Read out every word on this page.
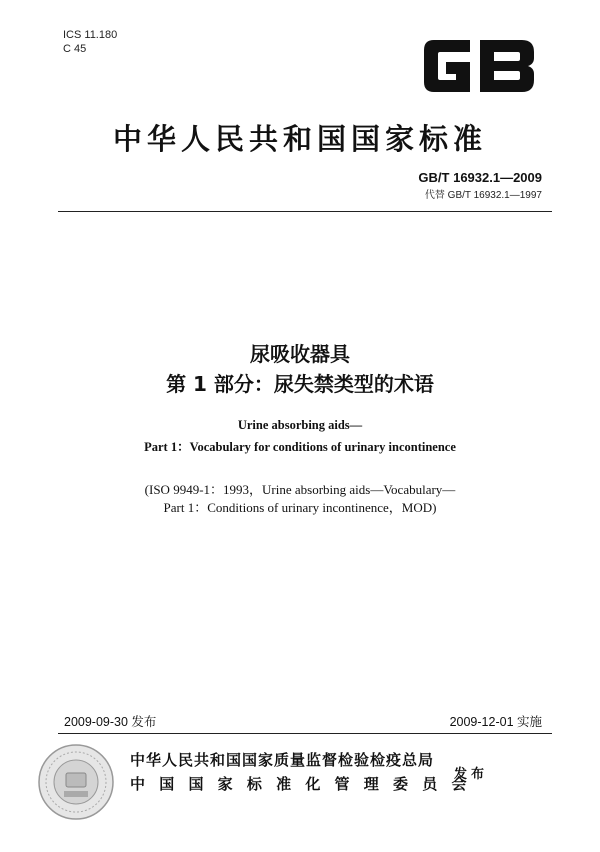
ICS 11.180
C 45
中华人民共和国国家标准
GB/T 16932.1—2009
代替 GB/T 16932.1—1997
尿吸收器具
第 1 部分：尿失禁类型的术语
Urine absorbing aids—
Part 1：Vocabulary for conditions of urinary incontinence
(ISO 9949-1：1993，Urine absorbing aids—Vocabulary—
Part 1：Conditions of urinary incontinence，MOD)
2009-09-30 发布	2009-12-01 实施
中华人民共和国国家质量监督检验检疫总局
中 国 国 家 标 准 化 管 理 委 员 会
发布
